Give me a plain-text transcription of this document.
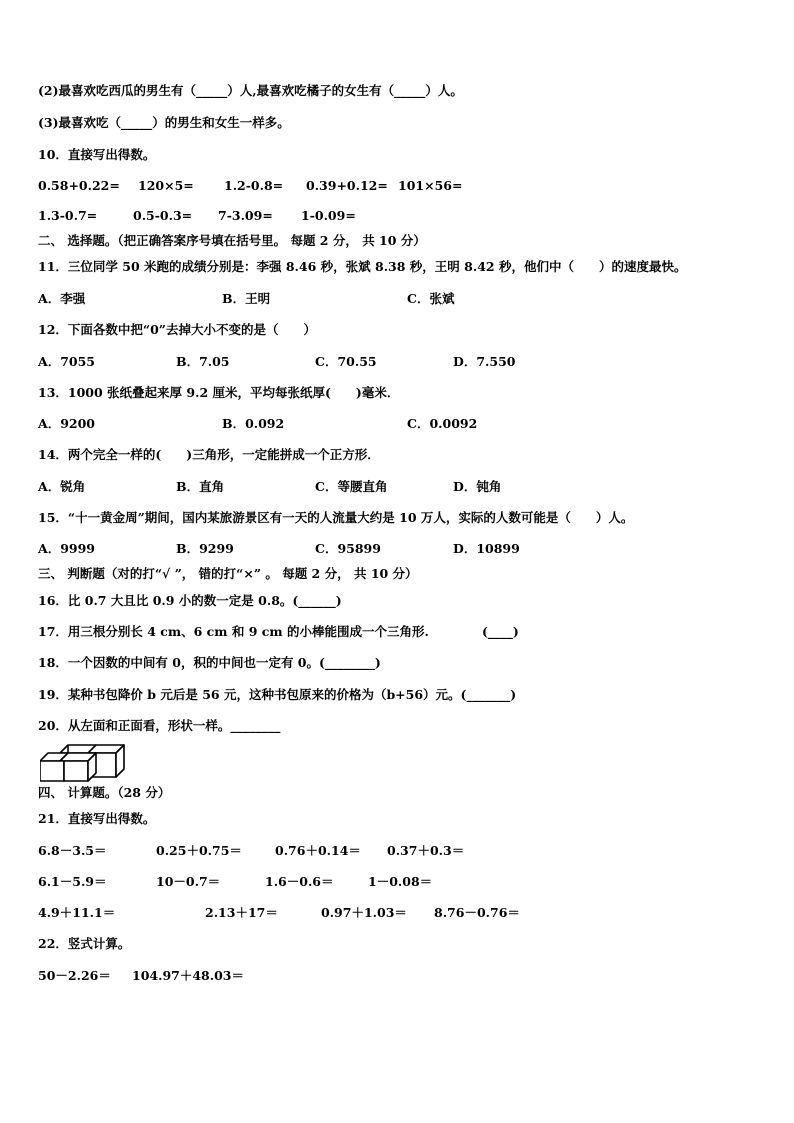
(2)最喜欢吃西瓜的男生有（_____）人,最喜欢吃橘子的女生有（_____）人。
(3)最喜欢吃（_____）的男生和女生一样多。
10．直接写出得数。
0.58+0.22= 120×5= 1.2-0.8= 0.39+0.12= 101×56=
1.3-0.7=	0.5-0.3= 7-3.09= 1-0.09=
二、 选择题。（把正确答案序号填在括号里。 每题 2 分， 共 10 分）
11．三位同学 50 米跑的成绩分别是：李强 8.46 秒，张斌 8.38 秒，王明 8.42 秒，他们中（　　）的速度最快。
A．李强	B．王明	C．张斌
12．下面各数中把“0”去掉大小不变的是（　　）
A．7055	B．7.05	C．70.55	D．7.550
13．1000 张纸叠起来厚 9.2 厘米，平均每张纸厚(　　)毫米．
A．9200	B．0.092	C．0.0092
14．两个完全一样的(　　)三角形，一定能拼成一个正方形．
A．锐角	B．直角	C．等腰直角	D．钝角
15．“十一黄金周”期间，国内某旅游景区有一天的人流量大约是 10 万人，实际的人数可能是（　　）人。
A．9999	B．9299	C．95899	D．10899
三、 判断题（对的打“√ ”， 错的打“×” 。 每题 2 分， 共 10 分）
16．比 0.7 大且比 0.9 小的数一定是 0.8。(______)
17．用三根分别长 4 cm、6 cm 和 9 cm 的小棒能围成一个三角形.	(____)
18．一个因数的中间有 0，积的中间也一定有 0。(________)
19．某种书包降价 b 元后是 56 元，这种书包原来的价格为（b+56）元。(_______)
20．从左面和正面看，形状一样。________
四、 计算题。（28 分）
21．直接写出得数。
6.8－3.5＝	0.25＋0.75＝	0.76＋0.14＝ 0.37＋0.3＝
6.1－5.9＝	10－0.7＝	1.6－0.6＝	1－0.08＝
4.9＋11.1＝	2.13＋17＝	0.97＋1.03＝ 8.76－0.76＝
22．竖式计算。
50－2.26＝ 104.97＋48.03＝
